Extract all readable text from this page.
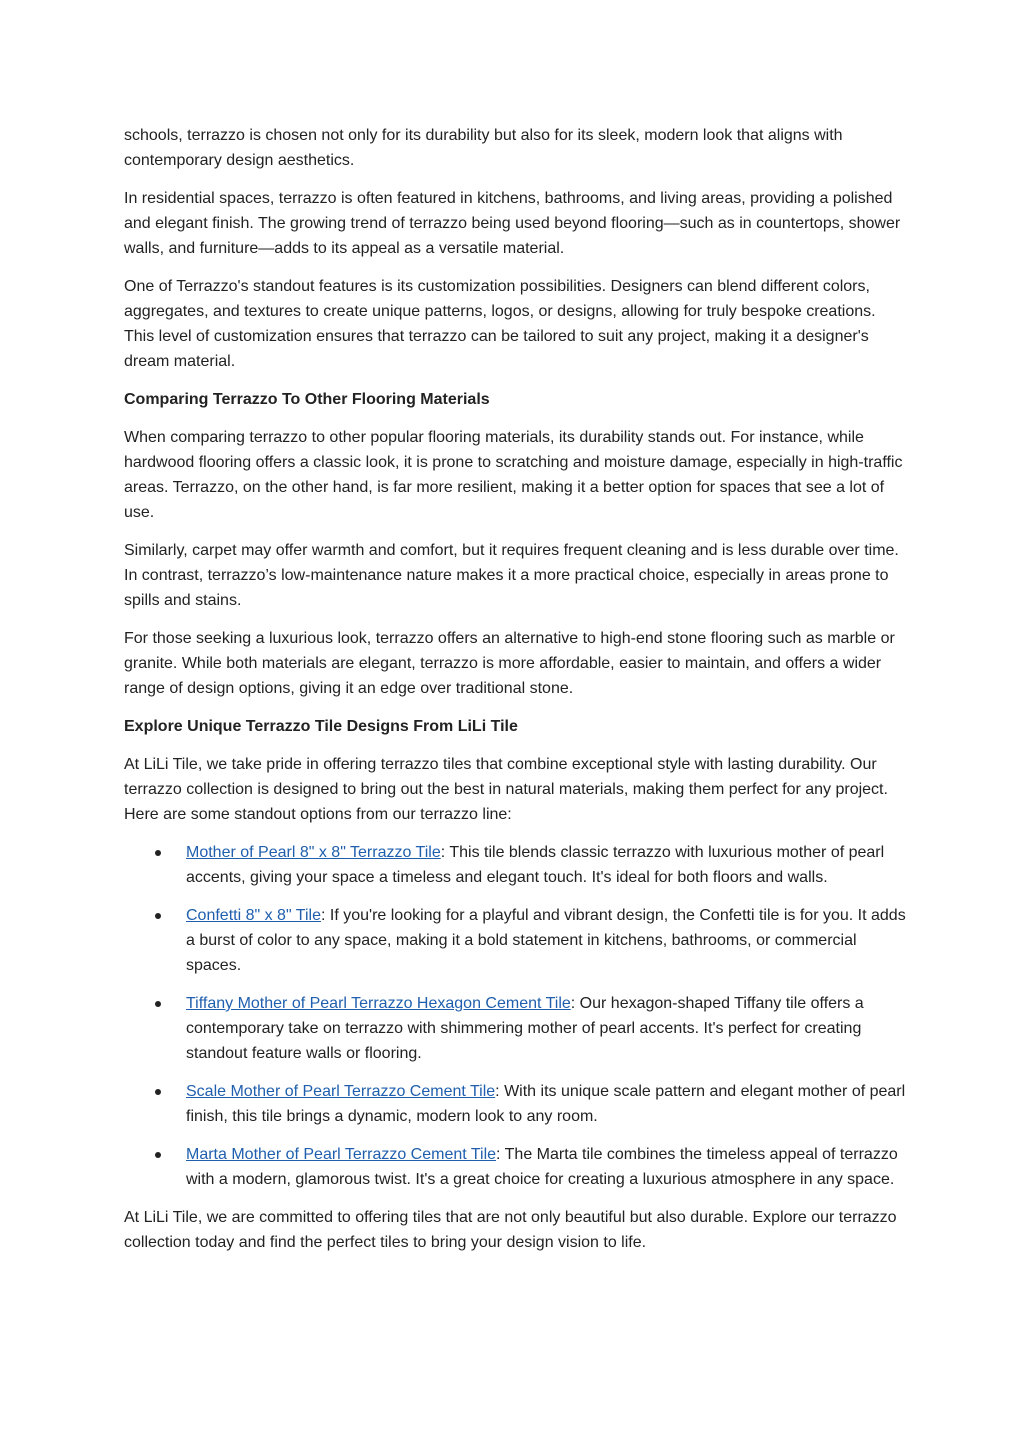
schools, terrazzo is chosen not only for its durability but also for its sleek, modern look that aligns with contemporary design aesthetics.

In residential spaces, terrazzo is often featured in kitchens, bathrooms, and living areas, providing a polished and elegant finish. The growing trend of terrazzo being used beyond flooring—such as in countertops, shower walls, and furniture—adds to its appeal as a versatile material.

One of Terrazzo's standout features is its customization possibilities. Designers can blend different colors, aggregates, and textures to create unique patterns, logos, or designs, allowing for truly bespoke creations. This level of customization ensures that terrazzo can be tailored to suit any project, making it a designer's dream material.

Comparing Terrazzo To Other Flooring Materials

When comparing terrazzo to other popular flooring materials, its durability stands out. For instance, while hardwood flooring offers a classic look, it is prone to scratching and moisture damage, especially in high-traffic areas. Terrazzo, on the other hand, is far more resilient, making it a better option for spaces that see a lot of use.

Similarly, carpet may offer warmth and comfort, but it requires frequent cleaning and is less durable over time. In contrast, terrazzo’s low-maintenance nature makes it a more practical choice, especially in areas prone to spills and stains.

For those seeking a luxurious look, terrazzo offers an alternative to high-end stone flooring such as marble or granite. While both materials are elegant, terrazzo is more affordable, easier to maintain, and offers a wider range of design options, giving it an edge over traditional stone.

Explore Unique Terrazzo Tile Designs From LiLi Tile

At LiLi Tile, we take pride in offering terrazzo tiles that combine exceptional style with lasting durability. Our terrazzo collection is designed to bring out the best in natural materials, making them perfect for any project. Here are some standout options from our terrazzo line:

Mother of Pearl 8" x 8" Terrazzo Tile: This tile blends classic terrazzo with luxurious mother of pearl accents, giving your space a timeless and elegant touch. It's ideal for both floors and walls.
Confetti 8" x 8" Tile: If you're looking for a playful and vibrant design, the Confetti tile is for you. It adds a burst of color to any space, making it a bold statement in kitchens, bathrooms, or commercial spaces.
Tiffany Mother of Pearl Terrazzo Hexagon Cement Tile: Our hexagon-shaped Tiffany tile offers a contemporary take on terrazzo with shimmering mother of pearl accents. It's perfect for creating standout feature walls or flooring.
Scale Mother of Pearl Terrazzo Cement Tile: With its unique scale pattern and elegant mother of pearl finish, this tile brings a dynamic, modern look to any room.
Marta Mother of Pearl Terrazzo Cement Tile: The Marta tile combines the timeless appeal of terrazzo with a modern, glamorous twist. It's a great choice for creating a luxurious atmosphere in any space.

At LiLi Tile, we are committed to offering tiles that are not only beautiful but also durable. Explore our terrazzo collection today and find the perfect tiles to bring your design vision to life.
